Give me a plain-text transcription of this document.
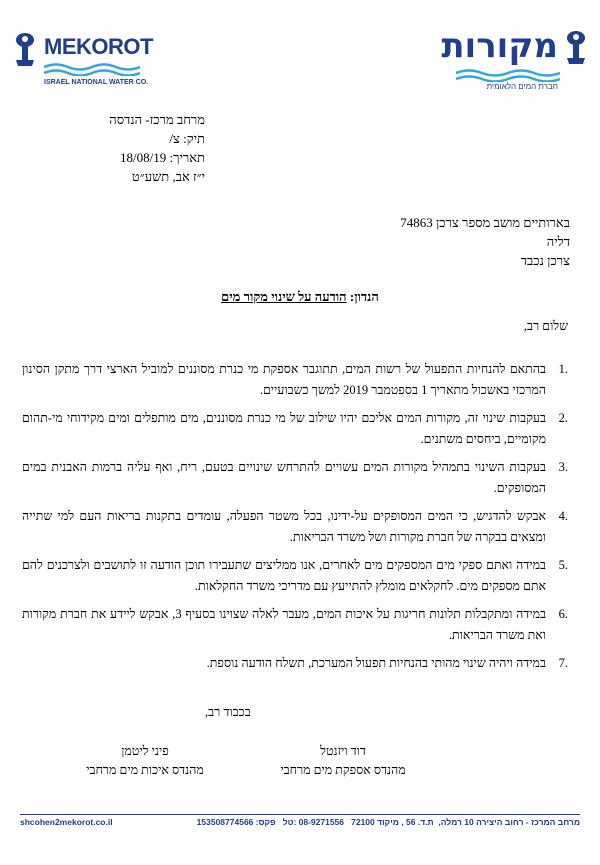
MEKOROT
ISRAEL NATIONAL WATER CO.
מקורות
חברת המים הלאומית
מרחב מרכז- הנדסה
תיק: צ/
תאריך: 18/08/19
י״ז אב, תשע״ט
בארותיים מושב מספר צרכן 74863
דליה
צרכן נכבד
הנדון: הודעה על שינוי מקור מים
שלום רב,
.1
בהתאם להנחיות התפעול של רשות המים, תתוגבר אספקת מי כנרת מסוננים למוביל הארצי דרך מתקן הסינון המרכזי באשכול מתאריך 1 בספטמבר 2019 למשך כשבועיים.
.2
בעקבות שינוי זה, מקורות המים אליכם יהיו שילוב של מי כנרת מסוננים, מים מותפלים ומים מקידוחי מי-תהום מקומיים, ביחסים משתנים.
.3
בעקבות השינוי בתמהיל מקורות המים עשויים להתרחש שינויים בטעם, ריח, ואף עליה ברמות האבנית במים המסופקים.
.4
אבקש להדגיש, כי המים המסופקים על-ידינו, בכל משטר הפעלה, עומדים בתקנות בריאות העם למי שתייה ומצאים בבקרה של חברת מקורות ושל משרד הבריאות.
.5
במידה ואתם ספקי מים המספקים מים לאחרים, אנו ממליצים שתעבירו תוכן הודעה זו לתושבים ולצרכנים להם אתם מספקים מים. לחקלאים מומלץ להתייעץ עם מדריכי משרד החקלאות.
.6
במידה ומתקבלות תלונות חריגות על איכות המים, מעבר לאלה שצוינו בסעיף 3, אבקש ליידע את חברת מקורות ואת משרד הבריאות.
.7
במידה ויהיה שינוי מהותי בהנחיות תפעול המערכת, תשלח הודעה נוספת.
בכבוד רב,
דוד ויזנטל
מהנדס אספקת מים מרחבי
פיני ליטמן
מהנדס איכות מים מרחבי
מרחב המרכז - רחוב היצירה 10 רמלה,  ת.ד. 56 , מיקוד 72100   08-9271556 :טל   פקס: 153508774566
shcohen2mekorot.co.il
